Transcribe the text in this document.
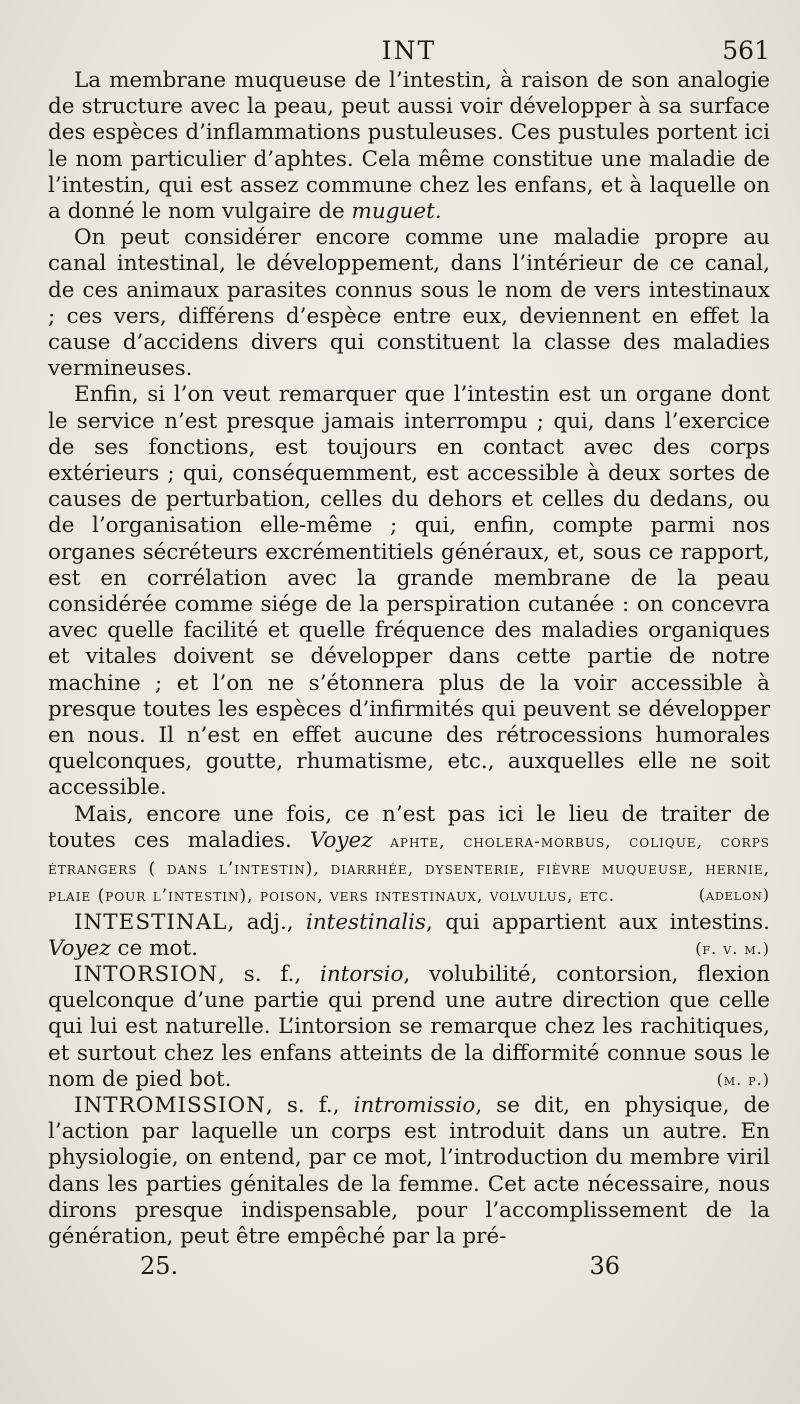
INT	561

La membrane muqueuse de l’intestin, à raison de son analogie de structure avec la peau, peut aussi voir développer à sa surface des espèces d’inflammations pustuleuses. Ces pustules portent ici le nom particulier d’aphtes. Cela même constitue une maladie de l’intestin, qui est assez commune chez les enfans, et à laquelle on a donné le nom vulgaire de muguet.

On peut considérer encore comme une maladie propre au canal intestinal, le développement, dans l’intérieur de ce canal, de ces animaux parasites connus sous le nom de vers intestinaux ; ces vers, différens d’espèce entre eux, deviennent en effet la cause d’accidens divers qui constituent la classe des maladies vermineuses.

Enfin, si l’on veut remarquer que l’intestin est un organe dont le service n’est presque jamais interrompu ; qui, dans l’exercice de ses fonctions, est toujours en contact avec des corps extérieurs ; qui, conséquemment, est accessible à deux sortes de causes de perturbation, celles du dehors et celles du dedans, ou de l’organisation elle-même ; qui, enfin, compte parmi nos organes sécréteurs excrémentitiels généraux, et, sous ce rapport, est en corrélation avec la grande membrane de la peau considérée comme siége de la perspiration cutanée : on concevra avec quelle facilité et quelle fréquence des maladies organiques et vitales doivent se développer dans cette partie de notre machine ; et l’on ne s’étonnera plus de la voir accessible à presque toutes les espèces d’infirmités qui peuvent se développer en nous. Il n’est en effet aucune des rétrocessions humorales quelconques, goutte, rhumatisme, etc., auxquelles elle ne soit accessible.

Mais, encore une fois, ce n’est pas ici le lieu de traiter de toutes ces maladies. Voyez aphte, cholera-morbus, colique, corps étrangers ( dans l’intestin), diarrhée, dysenterie, fièvre muqueuse, hernie, plaie (pour l’intestin), poison, vers intestinaux, volvulus, etc.	(adelon)

INTESTINAL, adj., intestinalis, qui appartient aux intestins. Voyez ce mot.	(f. v. m.)

INTORSION, s. f., intorsio, volubilité, contorsion, flexion quelconque d’une partie qui prend une autre direction que celle qui lui est naturelle. L’intorsion se remarque chez les rachitiques, et surtout chez les enfans atteints de la difformité connue sous le nom de pied bot.	(m. p.)

INTROMISSION, s. f., intromissio, se dit, en physique, de l’action par laquelle un corps est introduit dans un autre. En physiologie, on entend, par ce mot, l’introduction du membre viril dans les parties génitales de la femme. Cet acte nécessaire, nous dirons presque indispensable, pour l’accomplissement de la génération, peut être empêché par la pré-

25.	36
